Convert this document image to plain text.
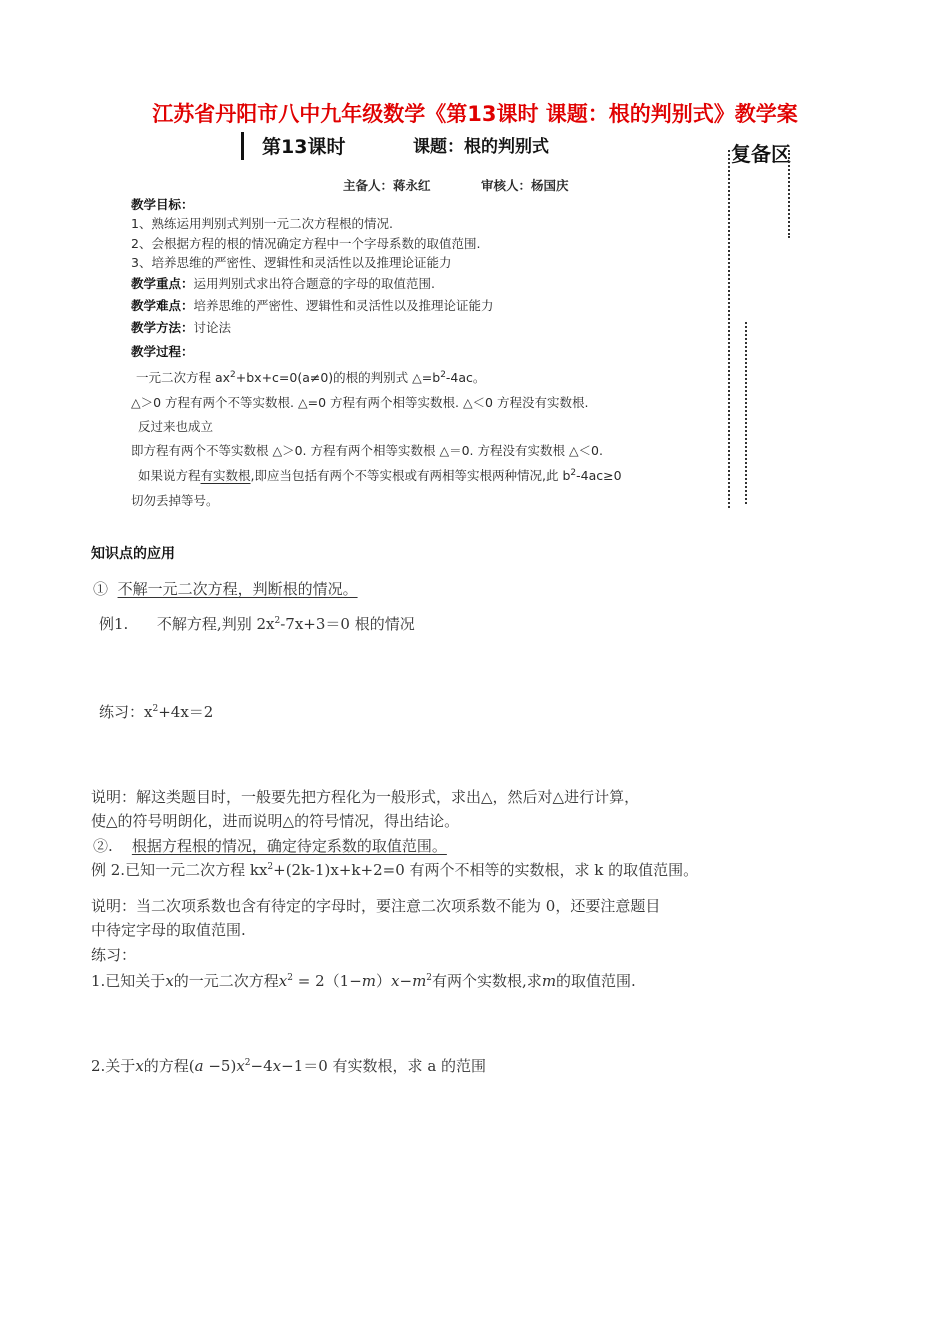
江苏省丹阳市八中九年级数学《第13课时 课题：根的判别式》教学案
第13课时	课题：根的判别式	复备区
主备人：蒋永红	审核人：杨国庆
教学目标：
1、熟练运用判别式判别一元二次方程根的情况.
2、会根据方程的根的情况确定方程中一个字母系数的取值范围.
3、培养思维的严密性、逻辑性和灵活性以及推理论证能力
教学重点：运用判别式求出符合题意的字母的取值范围.
教学难点：培养思维的严密性、逻辑性和灵活性以及推理论证能力
教学方法：讨论法
教学过程：
一元二次方程 $ax^2+bx+c=0(a\ne 0)$的根的判别式 $\triangle=b^2-4ac$。
△＞0 方程有两个不等实数根. △=0 方程有两个相等实数根. △＜0 方程没有实数根.
反过来也成立
即方程有两个不等实数根 △＞0. 方程有两个相等实数根 △＝0. 方程没有实数根 △＜0.
如果说方程有实数根,即应当包括有两个不等实根或有两相等实根两种情况,此 $b^2-4ac\ge 0$
切勿丢掉等号。
知识点的应用
① 不解一元二次方程，判断根的情况。
例1. 不解方程,判别 $2x^2-7x+3=0$ 根的情况
练习：$x^2+4x=2$
说明：解这类题目时，一般要先把方程化为一般形式，求出△，然后对△进行计算，
使△的符号明朗化，进而说明△的符号情况，得出结论。
②. 根据方程根的情况，确定待定系数的取值范围。
例 2.已知一元二次方程 $kx^2+(2k-1)x+k+2=0$ 有两个不相等的实数根，求 k 的取值范围。
说明：当二次项系数也含有待定的字母时，要注意二次项系数不能为 0，还要注意题目
中待定字母的取值范围.
练习：
1.已知关于x的一元二次方程$x^2 = 2(1-m)x-m^2$有两个实数根,求m的取值范围.
2.关于x的方程$(a -5)x^2-4x-1=0$ 有实数根，求 a 的范围
